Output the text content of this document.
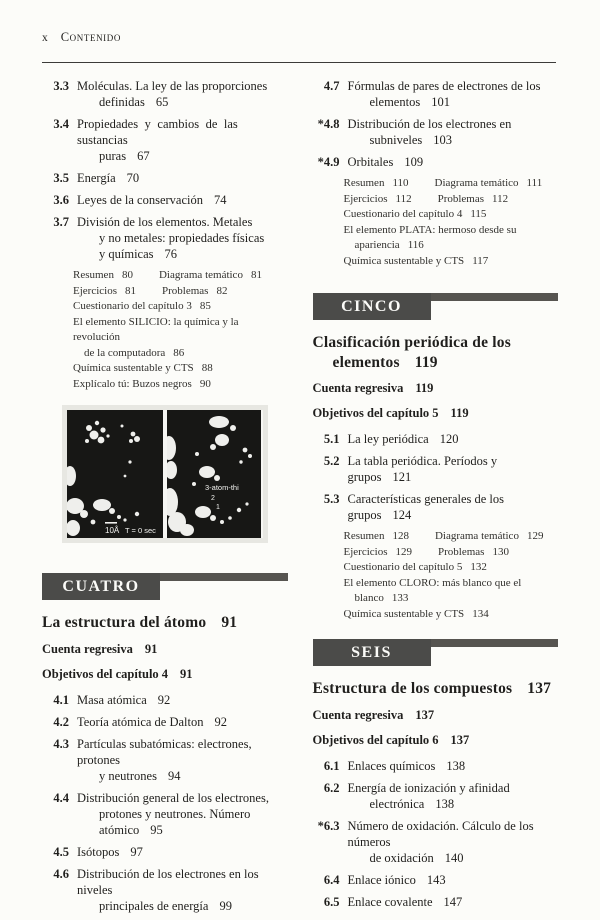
x Contenido
3.3 Moléculas. La ley de las proporciones
definidas 65
3.4 Propiedades y cambios de las sustancias
puras 67
3.5 Energía 70
3.6 Leyes de la conservación 74
3.7 División de los elementos. Metales
y no metales: propiedades físicas
y químicas 76
Resumen 80 Diagrama temático 81
Ejercicios 81 Problemas 82
Cuestionario del capítulo 3 85
El elemento SILICIO: la química y la revolución
de la computadora 86
Química sustentable y CTS 88
Explícalo tú: Buzos negros 90
10Å T = 0 sec
3-atom-thi
2
1
CUATRO
La estructura del átomo 91
Cuenta regresiva 91
Objetivos del capítulo 4 91
4.1 Masa atómica 92
4.2 Teoría atómica de Dalton 92
4.3 Partículas subatómicas: electrones, protones
y neutrones 94
4.4 Distribución general de los electrones,
protones y neutrones. Número atómico 95
4.5 Isótopos 97
4.6 Distribución de los electrones en los niveles
principales de energía 99
4.7 Fórmulas de pares de electrones de los
elementos 101
*4.8 Distribución de los electrones en
subniveles 103
*4.9 Orbitales 109
Resumen 110 Diagrama temático 111
Ejercicios 112 Problemas 112
Cuestionario del capítulo 4 115
El elemento PLATA: hermoso desde su
apariencia 116
Química sustentable y CTS 117
CINCO
Clasificación periódica de los
elementos 119
Cuenta regresiva 119
Objetivos del capítulo 5 119
5.1 La ley periódica 120
5.2 La tabla periódica. Períodos y grupos 121
5.3 Características generales de los grupos 124
Resumen 128 Diagrama temático 129
Ejercicios 129 Problemas 130
Cuestionario del capítulo 5 132
El elemento CLORO: más blanco que el
blanco 133
Química sustentable y CTS 134
SEIS
Estructura de los compuestos 137
Cuenta regresiva 137
Objetivos del capítulo 6 137
6.1 Enlaces químicos 138
6.2 Energía de ionización y afinidad
electrónica 138
*6.3 Número de oxidación. Cálculo de los números
de oxidación 140
6.4 Enlace iónico 143
6.5 Enlace covalente 147
